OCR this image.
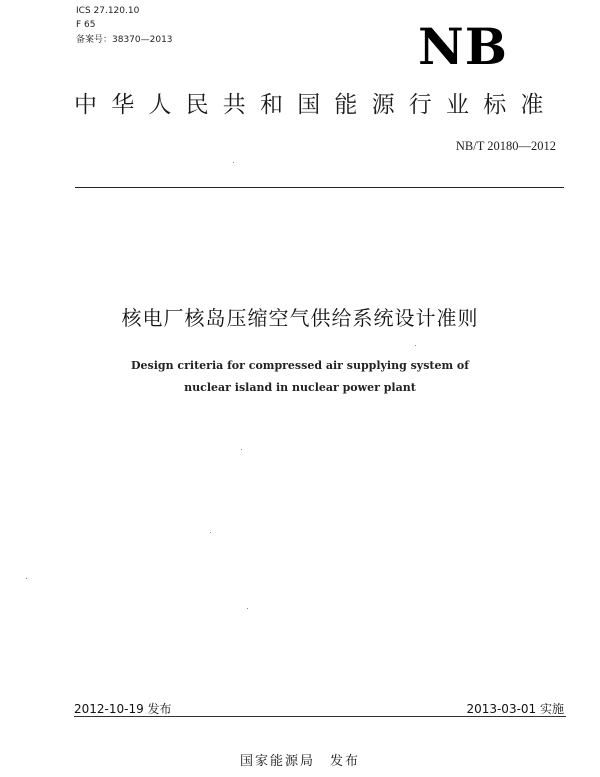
ICS 27.120.10
F 65
备案号：38370—2013	NB
中华人民共和国能源行业标准
NB/T 20180—2012
核电厂核岛压缩空气供给系统设计准则
Design criteria for compressed air supplying system of
nuclear island in nuclear power plant
2012-10-19 发布	2013-03-01 实施
国家能源局　发布
